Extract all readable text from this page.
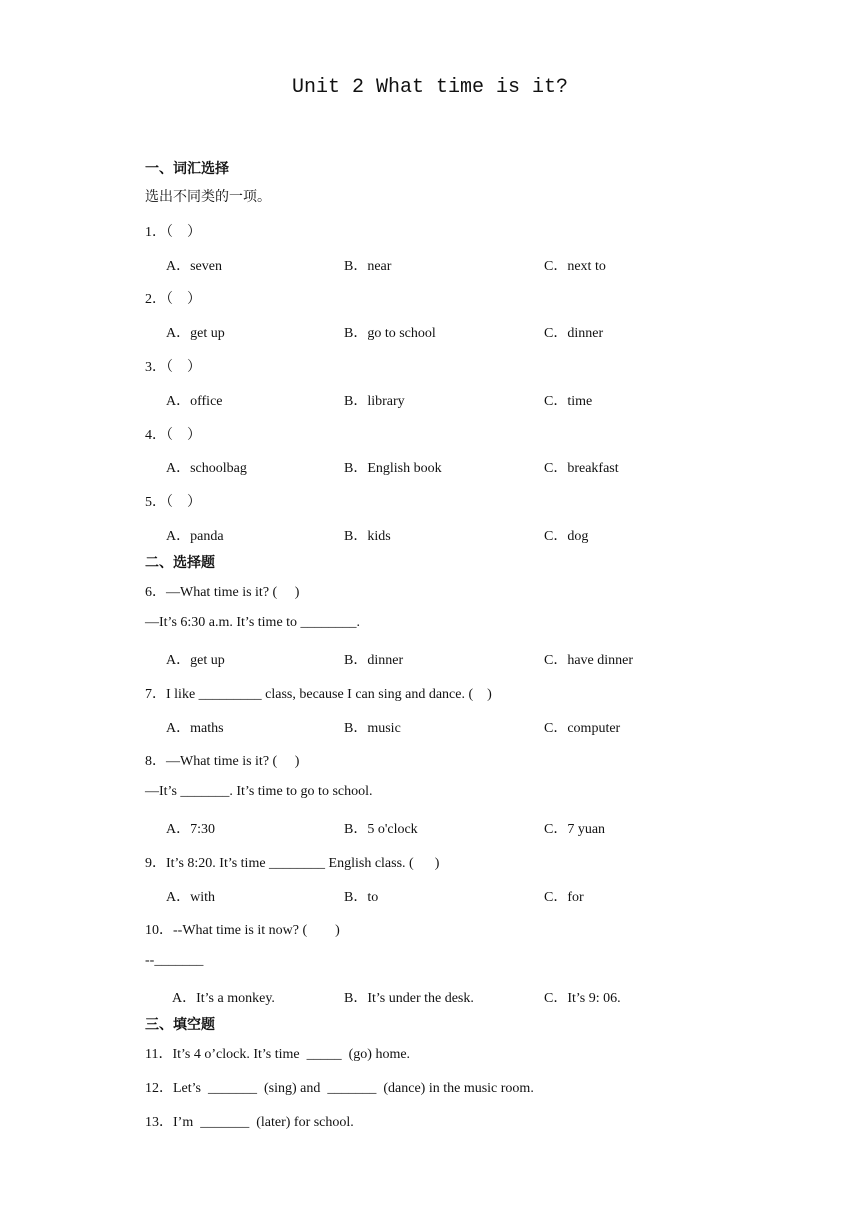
Unit 2 What time is it?
一、词汇选择
选出不同类的一项。
1．（    ）
A．seven	B．near	C．next to
2．（    ）
A．get up	B．go to school	C．dinner
3．（    ）
A．office	B．library	C．time
4．（    ）
A．schoolbag	B．English book	C．breakfast
5．（    ）
A．panda	B．kids	C．dog
二、选择题
6．—What time is it? (     )
—It’s 6:30 a.m. It’s time to ________.
A．get up	B．dinner	C．have dinner
7．I like _________ class, because I can sing and dance. (    )
A．maths	B．music	C．computer
8．—What time is it? (     )
—It’s _______. It’s time to go to school.
A．7:30	B．5 o'clock	C．7 yuan
9．It’s 8:20. It’s time ________ English class. (      )
A．with	B．to	C．for
10．--What time is it now? (        )
--_______
A．It’s a monkey.	B．It’s under the desk.	C．It’s 9: 06.
三、填空题
11．It’s 4 o’clock. It’s time  _____  (go) home.
12．Let’s  _______  (sing) and  _______  (dance) in the music room.
13．I’m  _______  (later) for school.
